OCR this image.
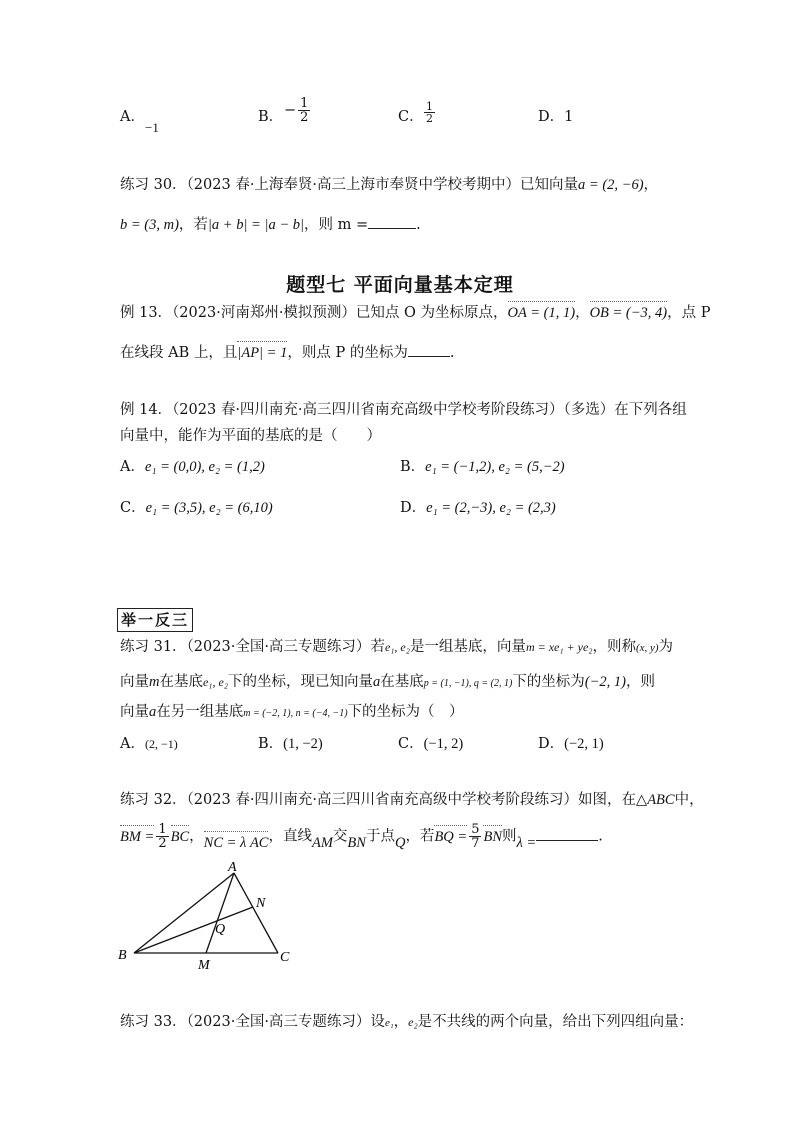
A．
−1
B． − $\frac{1}{2}$	C． $\frac{1}{2}$	D．1
练习 30．（2023 春·上海奉贤·高三上海市奉贤中学校考期中）已知向量a = (2, −6)，
b = (3, m)，若|a + b| = |a − b|，则 m =	.
题型七 平面向量基本定理
例 13．（2023·河南郑州·模拟预测）已知点 O 为坐标原点，OA = (1, 1)，OB = (−3, 4)，点 P
在线段 AB 上，且|AP| = 1，则点 P 的坐标为	.
例 14．（2023 春·四川南充·高三四川省南充高级中学校考阶段练习）（多选）在下列各组
向量中，能作为平面的基底的是（　　）
A．e₁ = (0,0), e₂ = (1,2)	B．e₁ = (−1,2), e₂ = (5,−2)
C．e₁ = (3,5), e₂ = (6,10)	D．e₁ = (2,−3), e₂ = (2,3)
举一反三
练习 31．（2023·全国·高三专题练习）若e₁, e₂是一组基底，向量m = xe₁ + ye₂，则称(x, y)为
向量m在基底e₁, e₂下的坐标，现已知向量a在基底p = (1, −1), q = (2, 1)下的坐标为(−2, 1)，则
向量a在另一组基底m = (−2, 1), n = (−4, −1)下的坐标为（　）
A．(2, −1)	B．(1, −2)	C．(−1, 2)	D．(−2, 1)
练习 32．（2023 春·四川南充·高三四川省南充高级中学校考阶段练习）如图，在△ABC中，
BM = $\frac{1}{2}$ BC，NC = λ AC，直线AM交BN于点Q，若BQ = $\frac{5}{7}$ BN则λ =	.
A
B	C
M
N
Q
练习 33．（2023·全国·高三专题练习）设e₁，e₂是不共线的两个向量，给出下列四组向量：
